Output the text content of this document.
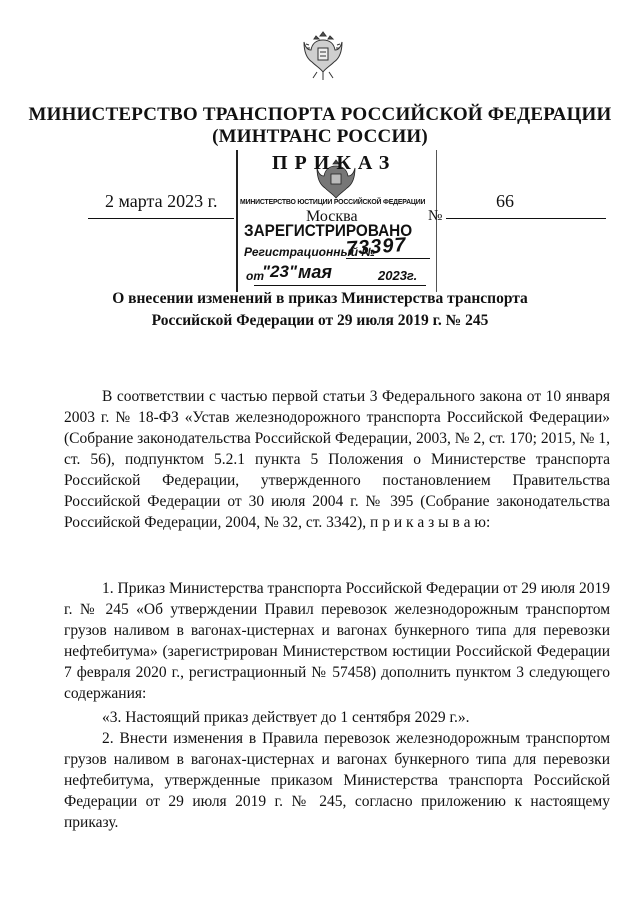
МИНИСТЕРСТВО ТРАНСПОРТА РОССИЙСКОЙ ФЕДЕРАЦИИ
(МИНТРАНС РОССИИ)
ПРИКАЗ
2 марта 2023 г.	МИНИСТЕРСТВО ЮСТИЦИИ РОССИЙСКОЙ ФЕДЕРАЦИИ
Москва	№
66
ЗАРЕГИСТРИРОВАНО
Регистрационный №
73397
от
"23" мая	2023г.
О внесении изменений в приказ Министерства транспорта
Российской Федерации от 29 июля 2019 г. № 245

В соответствии с частью первой статьи 3 Федерального закона от 10 января 2003 г. № 18-ФЗ «Устав железнодорожного транспорта Российской Федерации» (Собрание законодательства Российской Федерации, 2003, № 2, ст. 170; 2015, № 1, ст. 56), подпунктом 5.2.1 пункта 5 Положения о Министерстве транспорта Российской Федерации, утвержденного постановлением Правительства Российской Федерации от 30 июля 2004 г. № 395 (Собрание законодательства Российской Федерации, 2004, № 32, ст. 3342), п р и к а з ы в а ю:

1. Приказ Министерства транспорта Российской Федерации от 29 июля 2019 г. № 245 «Об утверждении Правил перевозок железнодорожным транспортом грузов наливом в вагонах-цистернах и вагонах бункерного типа для перевозки нефтебитума» (зарегистрирован Министерством юстиции Российской Федерации 7 февраля 2020 г., регистрационный № 57458) дополнить пунктом 3 следующего содержания:

«3. Настоящий приказ действует до 1 сентября 2029 г.».

2. Внести изменения в Правила перевозок железнодорожным транспортом грузов наливом в вагонах-цистернах и вагонах бункерного типа для перевозки нефтебитума, утвержденные приказом Министерства транспорта Российской Федерации от 29 июля 2019 г. № 245, согласно приложению к настоящему приказу.
